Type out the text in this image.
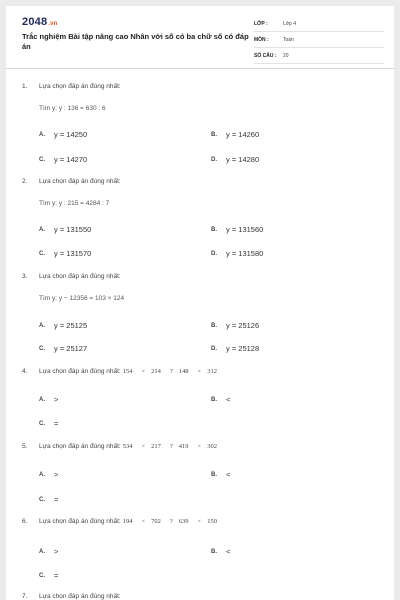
2048.vn
Trắc nghiệm Bài tập nâng cao Nhân với số có ba chữ số có đáp án
LỚP :	Lớp 4
MÔN :	Toán
SỐ CÂU :	20
1.	Lựa chọn đáp án đúng nhất:
Tìm y: y : 136 = 630 : 6
A.	y = 14250	B.	y = 14260
C.	y = 14270	D.	y = 14280
2.	Lựa chọn đáp án đúng nhất:
Tìm y: y : 215 = 4284 : 7
A.	y = 131550	B.	y = 131560
C.	y = 131570	D.	y = 131580
3.	Lựa chọn đáp án đúng nhất:
Tìm y: y − 12356 = 103 × 124
A.	y = 25125	B.	y = 25126
C.	y = 25127	D.	y = 25128
4.	Lựa chọn đáp án đúng nhất: 154 × 214 ? 148 × 312
A.	>	B.	<
C.	=
5.	Lựa chọn đáp án đúng nhất: 534 × 217 ? 419 × 302
A.	>	B.	<
C.	=
6.	Lựa chọn đáp án đúng nhất: 194 × 702 ? 639 × 150
A.	>	B.	<
C.	=
7.	Lựa chọn đáp án đúng nhất:
